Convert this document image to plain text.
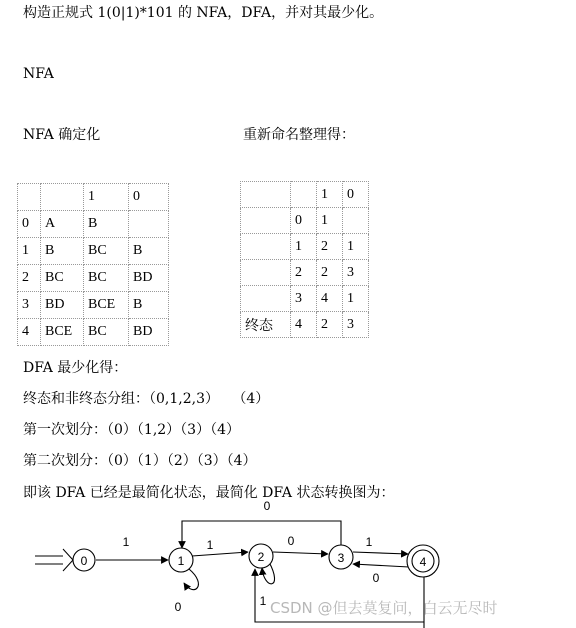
构造正规式 1(0|1)*101 的 NFA，DFA，并对其最少化。
NFA
NFA 确定化	重新命名整理得：
		1	0
0	A	B	
1	B	BC	B
2	BC	BC	BD
3	BD	BCE	B
4	BCE	BC	BD
		1	0
	0	1	
	1	2	1
	2	2	3
	3	4	1
终态	4	2	3
DFA 最少化得：
终态和非终态分组：（0,1,2,3）   （4）
第一次划分：（0）（1,2）（3）（4）
第二次划分：（0）（1）（2）（3）（4）
即该 DFA 已经是最简化状态，最简化 DFA 状态转换图为：
0	1	2	3	4
1	1	0	1
0
0
0	1 CSDN @但去莫复问，白云无尽时
